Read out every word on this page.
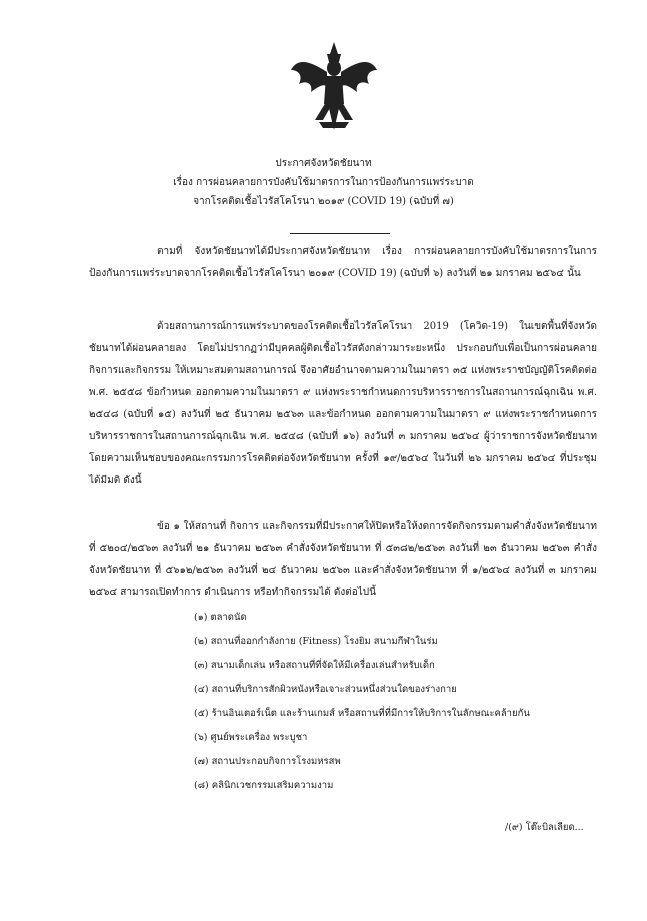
ประกาศจังหวัดชัยนาท
เรื่อง การผ่อนคลายการบังคับใช้มาตรการในการป้องกันการแพร่ระบาด
จากโรคติดเชื้อไวรัสโคโรนา ๒๐๑๙ (COVID 19) (ฉบับที่ ๗)
ตามที่ จังหวัดชัยนาทได้มีประกาศจังหวัดชัยนาท เรื่อง การผ่อนคลายการบังคับใช้มาตรการในการป้องกันการแพร่ระบาดจากโรคติดเชื้อไวรัสโคโรนา ๒๐๑๙ (COVID 19) (ฉบับที่ ๖) ลงวันที่ ๒๑ มกราคม ๒๕๖๔ นั้น
ด้วยสถานการณ์การแพร่ระบาดของโรคติดเชื้อไวรัสโคโรนา 2019 (โควิด-19) ในเขตพื้นที่จังหวัดชัยนาทได้ผ่อนคลายลง โดยไม่ปรากฏว่ามีบุคคลผู้ติดเชื้อไวรัสดังกล่าวมาระยะหนึ่ง ประกอบกับเพื่อเป็นการผ่อนคลายกิจการและกิจกรรม ให้เหมาะสมตามสถานการณ์ จึงอาศัยอำนาจตามความในมาตรา ๓๕ แห่งพระราชบัญญัติโรคติดต่อ พ.ศ. ๒๕๕๘ ข้อกำหนด ออกตามความในมาตรา ๙ แห่งพระราชกำหนดการบริหารราชการในสถานการณ์ฉุกเฉิน พ.ศ. ๒๕๔๘ (ฉบับที่ ๑๕) ลงวันที่ ๒๕ ธันวาคม ๒๕๖๓ และข้อกำหนด ออกตามความในมาตรา ๙ แห่งพระราชกำหนดการบริหารราชการในสถานการณ์ฉุกเฉิน พ.ศ. ๒๕๔๘ (ฉบับที่ ๑๖) ลงวันที่ ๓ มกราคม ๒๕๖๔ ผู้ว่าราชการจังหวัดชัยนาท โดยความเห็นชอบของคณะกรรมการโรคติดต่อจังหวัดชัยนาท ครั้งที่ ๑๙/๒๕๖๔ ในวันที่ ๒๖ มกราคม ๒๕๖๔ ที่ประชุมได้มีมติ ดังนี้
ข้อ ๑ ให้สถานที่ กิจการ และกิจกรรมที่มีประกาศให้ปิดหรือให้งดการจัดกิจกรรมตามคำสั่งจังหวัดชัยนาท ที่ ๕๒๐๔/๒๕๖๓ ลงวันที่ ๒๑ ธันวาคม ๒๕๖๓ คำสั่งจังหวัดชัยนาท ที่ ๕๓๘๒/๒๕๖๓ ลงวันที่ ๒๓ ธันวาคม ๒๕๖๓ คำสั่งจังหวัดชัยนาท ที่ ๕๖๑๒/๒๕๖๓ ลงวันที่ ๒๔ ธันวาคม ๒๕๖๓ และคำสั่งจังหวัดชัยนาท ที่ ๑/๒๕๖๔ ลงวันที่ ๓ มกราคม ๒๕๖๔ สามารถเปิดทำการ ดำเนินการ หรือทำกิจกรรมได้ ดังต่อไปนี้
(๑) ตลาดนัด
(๒) สถานที่ออกกำลังกาย (Fitness) โรงยิม สนามกีฬาในร่ม
(๓) สนามเด็กเล่น หรือสถานที่ที่จัดให้มีเครื่องเล่นสำหรับเด็ก
(๔) สถานที่บริการสักผิวหนังหรือเจาะส่วนหนึ่งส่วนใดของร่างกาย
(๕) ร้านอินเตอร์เน็ต และร้านเกมส์ หรือสถานที่ที่มีการให้บริการในลักษณะคล้ายกัน
(๖) ศูนย์พระเครื่อง พระบูชา
(๗) สถานประกอบกิจการโรงมหรสพ
(๘) คลินิกเวชกรรมเสริมความงาม
/(๙) โต๊ะบิลเลียด...
